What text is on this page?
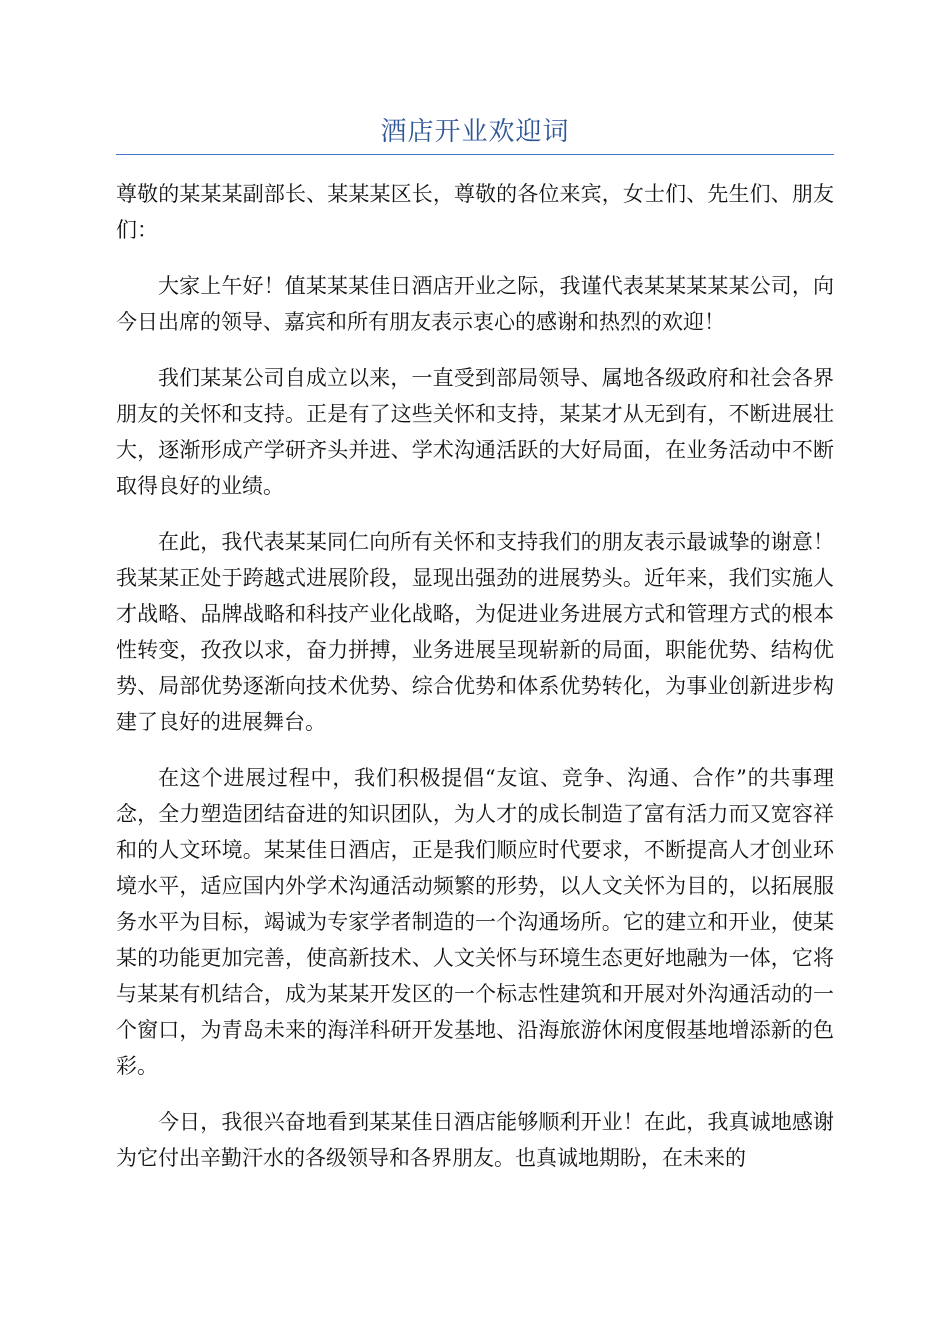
酒店开业欢迎词

尊敬的某某某副部长、某某某区长，尊敬的各位来宾，女士们、先生们、朋友们：

大家上午好！值某某某佳日酒店开业之际，我谨代表某某某某某公司，向今日出席的领导、嘉宾和所有朋友表示衷心的感谢和热烈的欢迎！

我们某某公司自成立以来，一直受到部局领导、属地各级政府和社会各界朋友的关怀和支持。正是有了这些关怀和支持，某某才从无到有，不断进展壮大，逐渐形成产学研齐头并进、学术沟通活跃的大好局面，在业务活动中不断取得良好的业绩。

在此，我代表某某同仁向所有关怀和支持我们的朋友表示最诚挚的谢意！我某某正处于跨越式进展阶段，显现出强劲的进展势头。近年来，我们实施人才战略、品牌战略和科技产业化战略，为促进业务进展方式和管理方式的根本性转变，孜孜以求，奋力拼搏，业务进展呈现崭新的局面，职能优势、结构优势、局部优势逐渐向技术优势、综合优势和体系优势转化，为事业创新进步构建了良好的进展舞台。

在这个进展过程中，我们积极提倡“友谊、竞争、沟通、合作”的共事理念，全力塑造团结奋进的知识团队，为人才的成长制造了富有活力而又宽容祥和的人文环境。某某佳日酒店，正是我们顺应时代要求，不断提高人才创业环境水平，适应国内外学术沟通活动频繁的形势，以人文关怀为目的，以拓展服务水平为目标，竭诚为专家学者制造的一个沟通场所。它的建立和开业，使某某的功能更加完善，使高新技术、人文关怀与环境生态更好地融为一体，它将与某某有机结合，成为某某开发区的一个标志性建筑和开展对外沟通活动的一个窗口，为青岛未来的海洋科研开发基地、沿海旅游休闲度假基地增添新的色彩。

今日，我很兴奋地看到某某佳日酒店能够顺利开业！在此，我真诚地感谢为它付出辛勤汗水的各级领导和各界朋友。也真诚地期盼，在未来的
